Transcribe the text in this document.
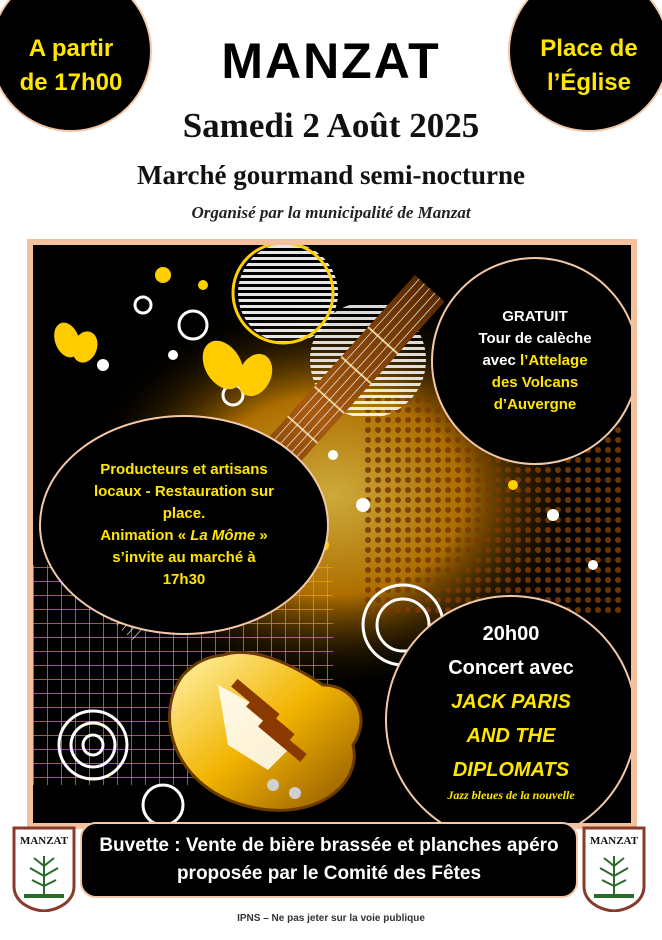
A partir
de 17h00
Place de
l’Église
MANZAT
Samedi 2 Août 2025
Marché gourmand semi-nocturne
Organisé par la municipalité de Manzat
GRATUIT
Tour de calèche
avec l’Attelage
des Volcans
d’Auvergne
Producteurs et artisans
locaux - Restauration sur
place.
Animation « La Môme »
s’invite au marché à
17h30
20h00
Concert avec
JACK PARIS
AND THE
DIPLOMATS
Jazz bleues de la nouvelle
MANZAT	MANZAT
Buvette : Vente de bière brassée et planches apéro
proposée par le Comité des Fêtes
IPNS – Ne pas jeter sur la voie publique
